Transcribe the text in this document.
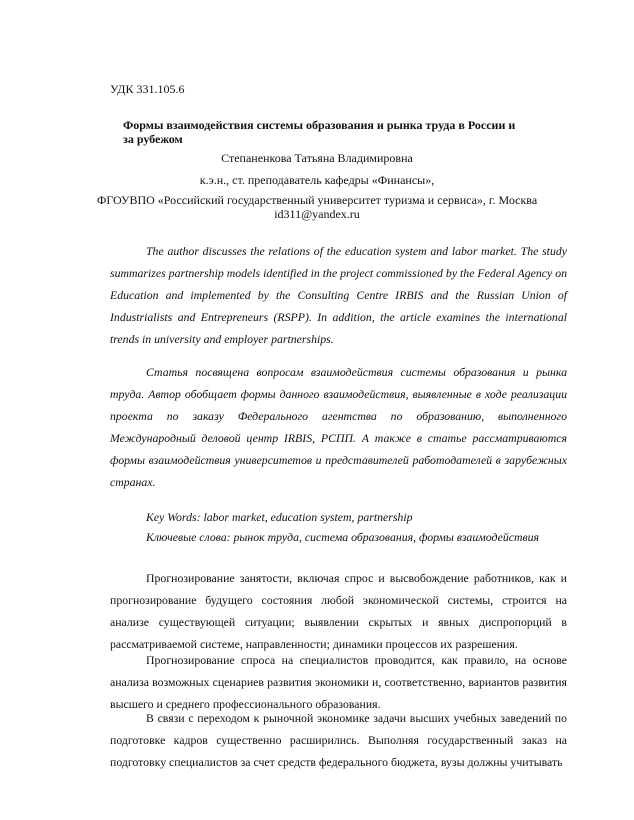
УДК 331.105.6
Формы взаимодействия системы образования и рынка труда в России и за рубежом
Степаненкова Татьяна Владимировна
к.э.н., ст. преподаватель кафедры «Финансы»,
ФГОУВПО «Российский государственный университет туризма и сервиса», г. Москва
id311@yandex.ru

The author discusses the relations of the education system and labor market. The study summarizes partnership models identified in the project commissioned by the Federal Agency on Education and implemented by the Consulting Centre IRBIS and the Russian Union of Industrialists and Entrepreneurs (RSPP). In addition, the article examines the international trends in university and employer partnerships.

Статья посвящена вопросам взаимодействия системы образования и рынка труда. Автор обобщает формы данного взаимодействия, выявленные в ходе реализации проекта по заказу Федерального агентства по образованию, выполненного Международный деловой центр IRBIS, РСПП. А также в статье рассматриваются формы взаимодействия университетов и представителей работодателей в зарубежных странах.

Key Words: labor market, education system, partnership
Ключевые слова: рынок труда, система образования, формы взаимодействия

Прогнозирование занятости, включая спрос и высвобождение работников, как и прогнозирование будущего состояния любой экономической системы, строится на анализе существующей ситуации; выявлении скрытых и явных диспропорций в рассматриваемой системе, направленности; динамики процессов их разрешения.

Прогнозирование спроса на специалистов проводится, как правило, на основе анализа возможных сценариев развития экономики и, соответственно, вариантов развития высшего и среднего профессионального образования.

В связи с переходом к рыночной экономике задачи высших учебных заведений по подготовке кадров существенно расширились. Выполняя государственный заказ на подготовку специалистов за счет средств федерального бюджета, вузы должны учитывать
